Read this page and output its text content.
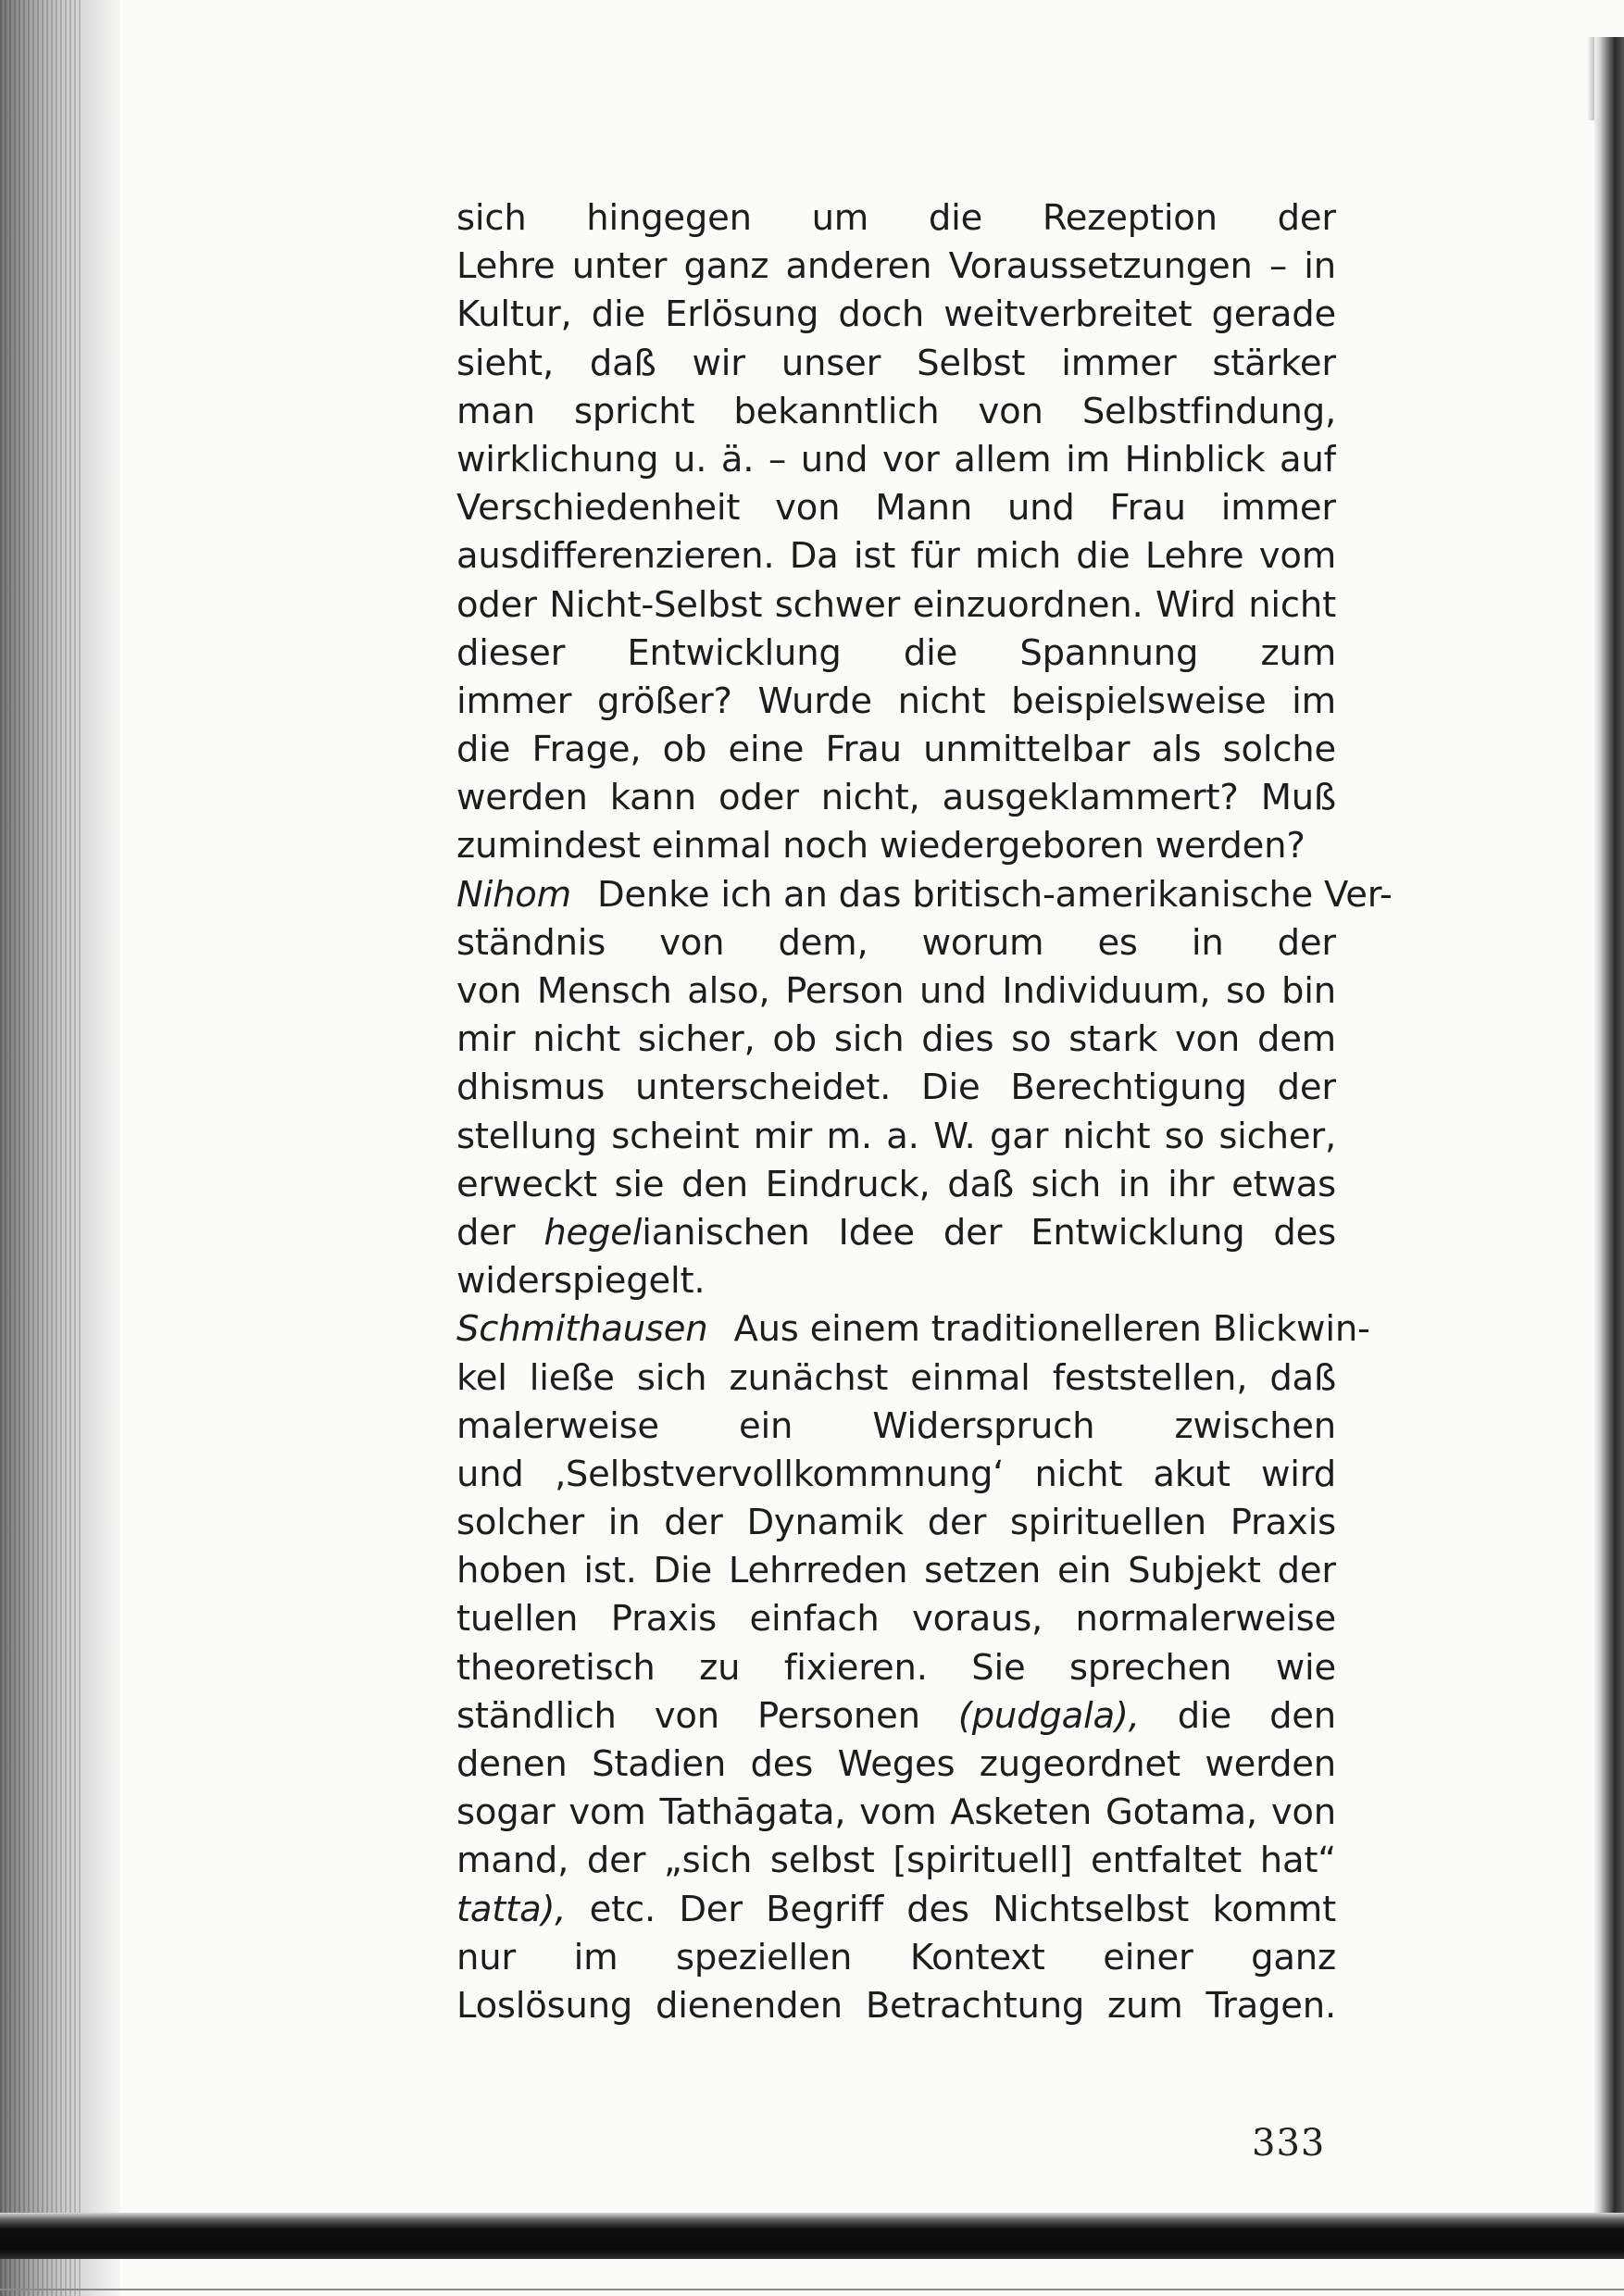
sich hingegen um die Rezeption der
Lehre unter ganz anderen Voraussetzungen – in
Kultur, die Erlösung doch weitverbreitet gerade
sieht, daß wir unser Selbst immer stärker
man spricht bekanntlich von Selbstfindung,
wirklichung u. ä. – und vor allem im Hinblick auf
Verschiedenheit von Mann und Frau immer
ausdifferenzieren. Da ist für mich die Lehre vom
oder Nicht-Selbst schwer einzuordnen. Wird nicht
dieser Entwicklung die Spannung zum
immer größer? Wurde nicht beispielsweise im
die Frage, ob eine Frau unmittelbar als solche
werden kann oder nicht, ausgeklammert? Muß
zumindest einmal noch wiedergeboren werden?
Nihom Denke ich an das britisch-amerikanische Ver-
ständnis von dem, worum es in der
von Mensch also, Person und Individuum, so bin
mir nicht sicher, ob sich dies so stark von dem
dhismus unterscheidet. Die Berechtigung der
stellung scheint mir m. a. W. gar nicht so sicher,
erweckt sie den Eindruck, daß sich in ihr etwas
der hegelianischen Idee der Entwicklung des
widerspiegelt.
Schmithausen Aus einem traditionelleren Blickwin-
kel ließe sich zunächst einmal feststellen, daß
malerweise ein Widerspruch zwischen
und ‚Selbstvervollkommnung‘ nicht akut wird
solcher in der Dynamik der spirituellen Praxis
hoben ist. Die Lehrreden setzen ein Subjekt der
tuellen Praxis einfach voraus, normalerweise
theoretisch zu fixieren. Sie sprechen wie
ständlich von Personen (pudgala), die den
denen Stadien des Weges zugeordnet werden
sogar vom Tathāgata, vom Asketen Gotama, von
mand, der „sich selbst [spirituell] entfaltet hat“
tatta), etc. Der Begriff des Nichtselbst kommt
nur im speziellen Kontext einer ganz
Loslösung dienenden Betrachtung zum Tragen.
333
